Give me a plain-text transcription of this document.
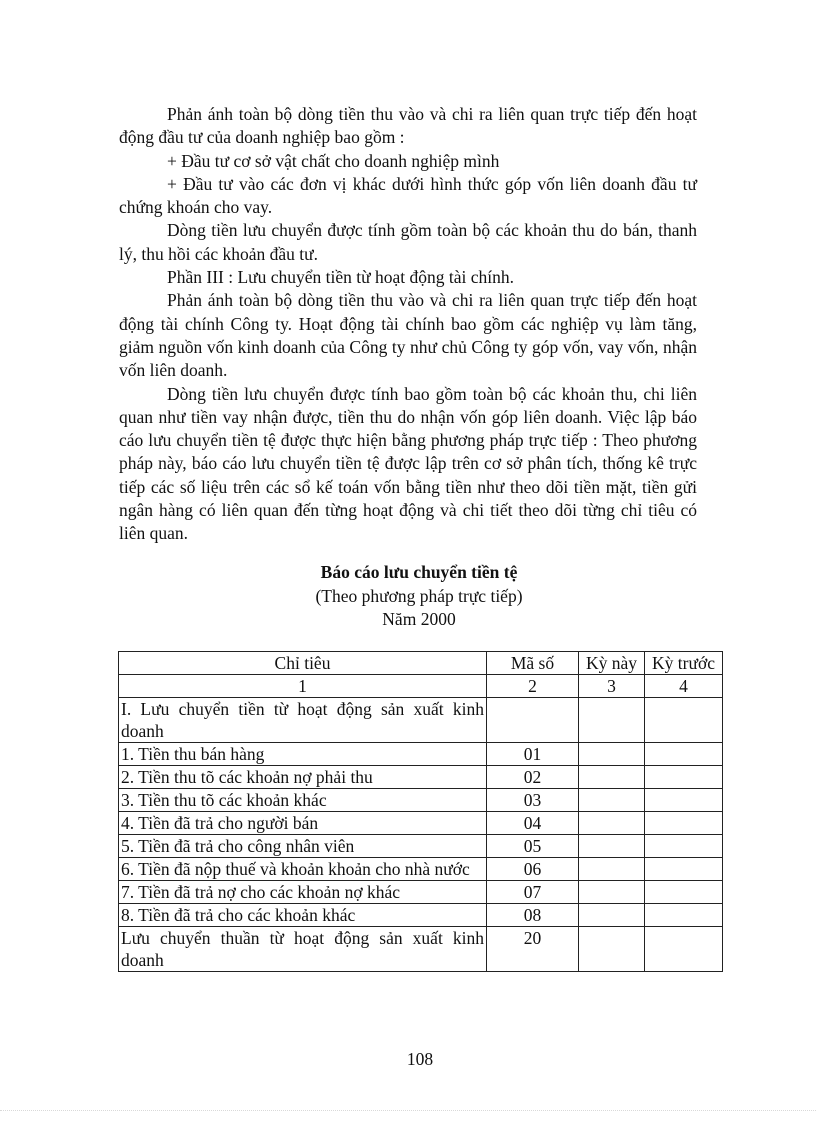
Phản ánh toàn bộ dòng tiền thu vào và chi ra liên quan trực tiếp đến hoạt động đầu tư của doanh nghiệp bao gồm :

+ Đầu tư cơ sở vật chất cho doanh nghiệp mình

+ Đầu tư vào các đơn vị khác dưới hình thức góp vốn liên doanh đầu tư chứng khoán cho vay.

Dòng tiền lưu chuyển được tính gồm toàn bộ các khoản thu do bán, thanh lý, thu hồi các khoản đầu tư.

Phần III : Lưu chuyển tiền từ hoạt động tài chính.

Phản ánh toàn bộ dòng tiền thu vào và chi ra liên quan trực tiếp đến hoạt động tài chính Công ty. Hoạt động tài chính bao gồm các nghiệp vụ làm tăng, giảm nguồn vốn kinh doanh của Công ty như chủ Công ty góp vốn, vay vốn, nhận vốn liên doanh.

Dòng tiền lưu chuyển được tính bao gồm toàn bộ các khoản thu, chi liên quan như tiền vay nhận được, tiền thu do nhận vốn góp liên doanh. Việc lập báo cáo lưu chuyển tiền tệ được thực hiện bằng phương pháp trực tiếp : Theo phương pháp này, báo cáo lưu chuyển tiền tệ được lập trên cơ sở phân tích, thống kê trực tiếp các số liệu trên các sổ kế toán vốn bằng tiền như theo dõi tiền mặt, tiền gửi ngân hàng có liên quan đến từng hoạt động và chi tiết theo dõi từng chỉ tiêu có liên quan.

Báo cáo lưu chuyển tiền tệ
(Theo phương pháp trực tiếp)
Năm 2000
Chỉ tiêu	Mã số	Kỳ này	Kỳ trước
1	2	3	4
I. Lưu chuyển tiền từ hoạt động sản xuất kinh doanh			
1. Tiền thu bán hàng	01		
2. Tiền thu tõ các khoản nợ phải thu	02		
3. Tiền thu tõ các khoản khác	03		
4. Tiền đã trả cho người bán	04		
5. Tiền đã trả cho công nhân viên	05		
6. Tiền đã nộp thuế và khoản khoản cho nhà nước	06		
7. Tiền đã trả nợ cho các khoản nợ khác	07		
8. Tiền đã trả cho các khoản khác	08		
Lưu chuyển thuần từ hoạt động sản xuất kinh doanh	20		
108
